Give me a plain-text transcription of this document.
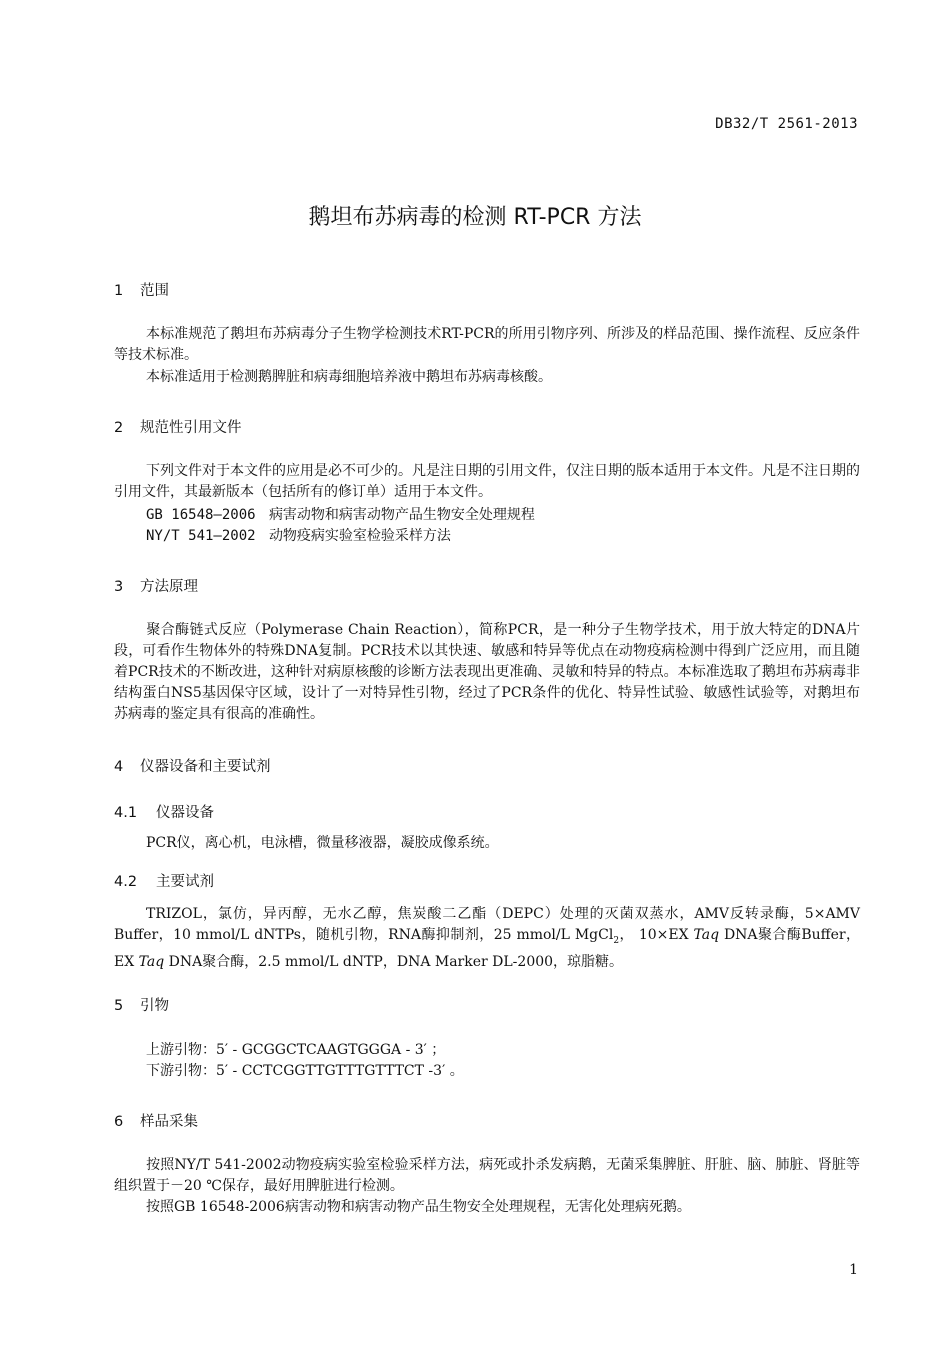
DB32/T 2561-2013
鹅坦布苏病毒的检测 RT-PCR 方法
1 范围
本标准规范了鹅坦布苏病毒分子生物学检测技术RT-PCR的所用引物序列、所涉及的样品范围、操作流程、反应条件等技术标准。
本标准适用于检测鹅脾脏和病毒细胞培养液中鹅坦布苏病毒核酸。
2 规范性引用文件
下列文件对于本文件的应用是必不可少的。凡是注日期的引用文件，仅注日期的版本适用于本文件。凡是不注日期的引用文件，其最新版本（包括所有的修订单）适用于本文件。
GB 16548—2006 病害动物和病害动物产品生物安全处理规程
NY/T 541—2002 动物疫病实验室检验采样方法
3 方法原理
聚合酶链式反应（Polymerase Chain Reaction），简称PCR，是一种分子生物学技术，用于放大特定的DNA片段，可看作生物体外的特殊DNA复制。PCR技术以其快速、敏感和特异等优点在动物疫病检测中得到广泛应用，而且随着PCR技术的不断改进，这种针对病原核酸的诊断方法表现出更准确、灵敏和特异的特点。本标准选取了鹅坦布苏病毒非结构蛋白NS5基因保守区域，设计了一对特异性引物，经过了PCR条件的优化、特异性试验、敏感性试验等，对鹅坦布苏病毒的鉴定具有很高的准确性。
4 仪器设备和主要试剂
4.1 仪器设备
PCR仪，离心机，电泳槽，微量移液器，凝胶成像系统。
4.2 主要试剂
TRIZOL，氯仿，异丙醇，无水乙醇，焦炭酸二乙酯（DEPC）处理的灭菌双蒸水，AMV反转录酶，5×AMV Buffer，10 mmol/L dNTPs，随机引物，RNA酶抑制剂，25 mmol/L MgCl$_2$， 10×EX Taq DNA聚合酶Buffer，EX Taq DNA聚合酶，2.5 mmol/L dNTP，DNA Marker DL-2000，琼脂糖。
5 引物
上游引物：5′ - GCGGCTCAAGTGGGA - 3′ ；
下游引物：5′ - CCTCGGTTGTTTGTTTCT -3′ 。
6 样品采集
按照NY/T 541-2002动物疫病实验室检验采样方法，病死或扑杀发病鹅，无菌采集脾脏、肝脏、脑、肺脏、肾脏等组织置于－20 ℃保存，最好用脾脏进行检测。
按照GB 16548-2006病害动物和病害动物产品生物安全处理规程，无害化处理病死鹅。
1
